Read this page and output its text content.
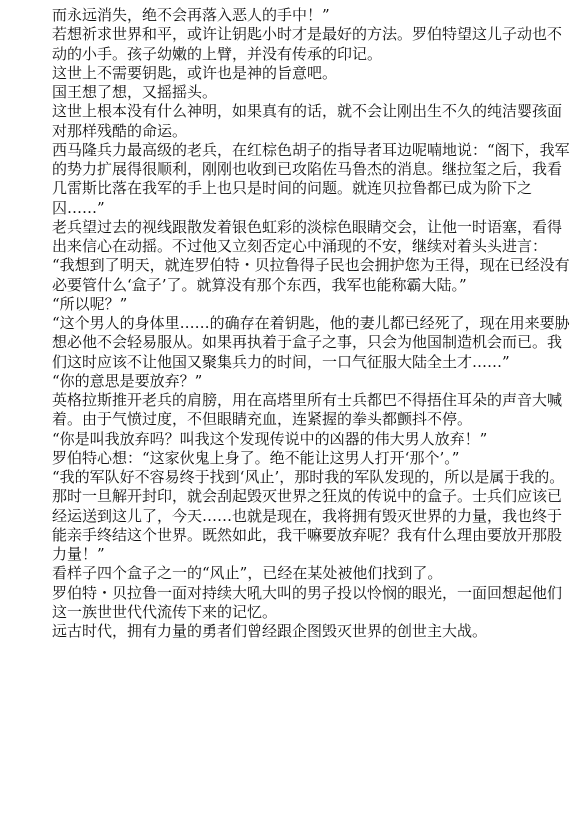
而永远消失，绝不会再落入恶人的手中！”

若想祈求世界和平，或许让钥匙小时才是最好的方法。罗伯特望这儿子动也不动的小手。孩子幼嫩的上臂，并没有传承的印记。

这世上不需要钥匙，或许也是神的旨意吧。

国王想了想，又摇摇头。

这世上根本没有什么神明，如果真有的话，就不会让刚出生不久的纯洁婴孩面对那样残酷的命运。

西马隆兵力最高级的老兵，在红棕色胡子的指导者耳边呢喃地说：“阁下，我军的势力扩展得很顺利，刚刚也收到已攻陷佐马鲁杰的消息。继拉玺之后，我看几雷斯比落在我军的手上也只是时间的问题。就连贝拉鲁都已成为阶下之囚……”

老兵望过去的视线跟散发着银色虹彩的淡棕色眼睛交会，让他一时语塞，看得出来信心在动摇。不过他又立刻否定心中涌现的不安，继续对着头头进言：

“我想到了明天，就连罗伯特・贝拉鲁得子民也会拥护您为王得，现在已经没有必要管什么‘盒子’了。就算没有那个东西，我军也能称霸大陆。”

“所以呢？”

“这个男人的身体里……的确存在着钥匙，他的妻儿都已经死了，现在用来要胁想必他不会轻易服从。如果再执着于盒子之事，只会为他国制造机会而已。我们这时应该不让他国又聚集兵力的时间，一口气征服大陆全土才……”

“你的意思是要放弃？”

英格拉斯推开老兵的肩膀，用在高塔里所有士兵都巴不得捂住耳朵的声音大喊着。由于气愤过度，不但眼睛充血，连紧握的拳头都颤抖不停。

“你是叫我放弃吗？叫我这个发现传说中的凶器的伟大男人放弃！”

罗伯特心想：“这家伙鬼上身了。绝不能让这男人打开‘那个’。”

“我的军队好不容易终于找到‘风止’，那时我的军队发现的，所以是属于我的。那时一旦解开封印，就会刮起毁灭世界之狂岚的传说中的盒子。士兵们应该已经运送到这儿了，今天……也就是现在，我将拥有毁灭世界的力量，我也终于能亲手终结这个世界。既然如此，我干嘛要放弃呢？我有什么理由要放开那股力量！”

看样子四个盒子之一的“风止”，已经在某处被他们找到了。

罗伯特・贝拉鲁一面对持续大吼大叫的男子投以怜悯的眼光，一面回想起他们这一族世世代代流传下来的记忆。

远古时代，拥有力量的勇者们曾经跟企图毁灭世界的创世主大战。
